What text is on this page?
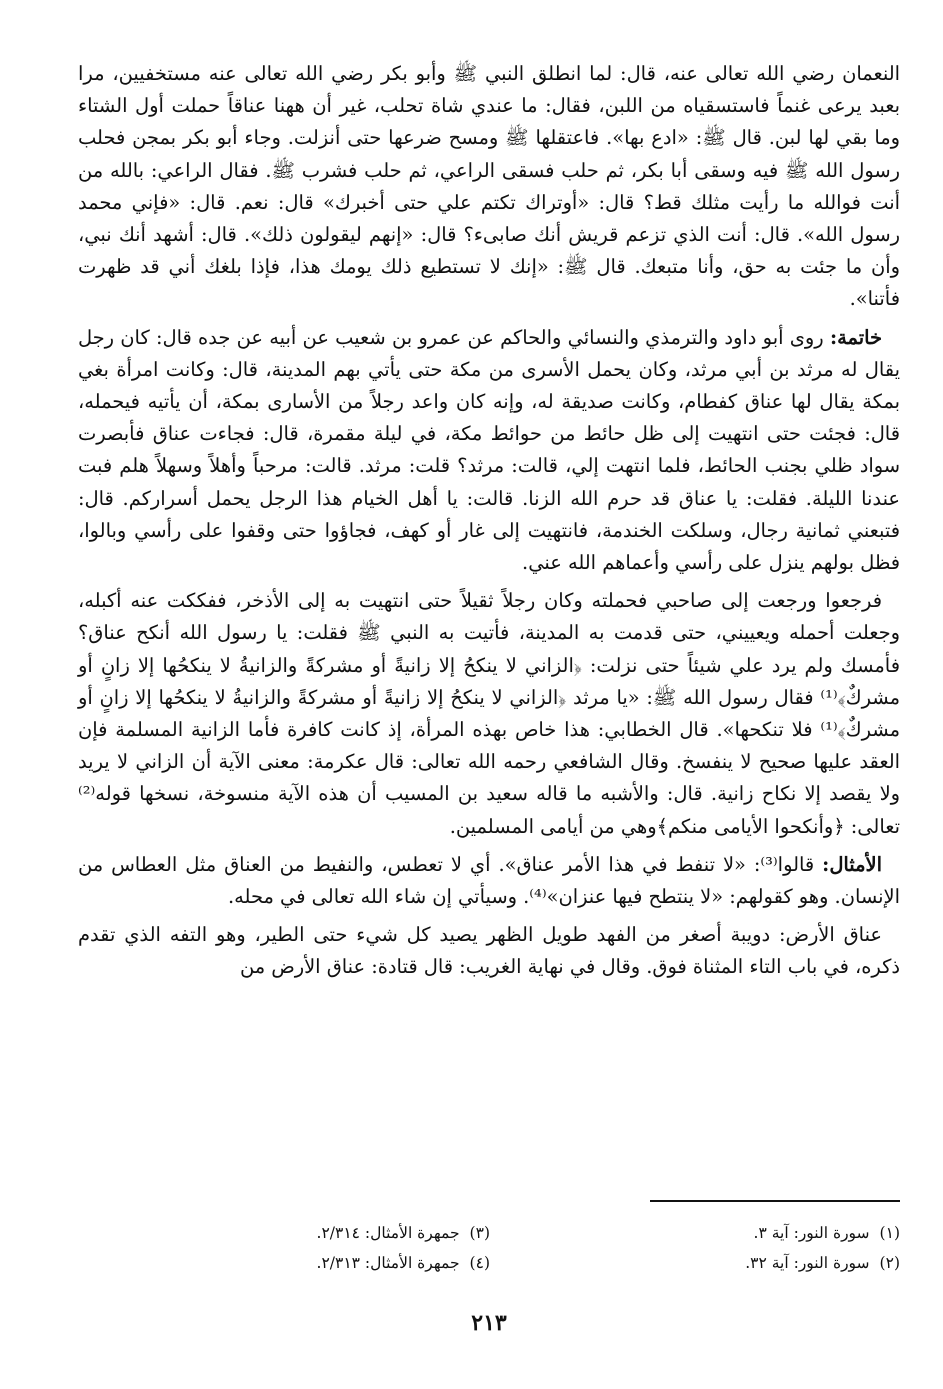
النعمان رضي الله تعالى عنه، قال: لما انطلق النبي ﷺ وأبو بكر رضي الله تعالى عنه مستخفيين، مرا بعبد يرعى غنماً فاستسقياه من اللبن، فقال: ما عندي شاة تحلب، غير أن ههنا عناقاً حملت أول الشتاء وما بقي لها لبن. قال ﷺ: «ادع بها». فاعتقلها ﷺ ومسح ضرعها حتى أنزلت. وجاء أبو بكر بمجن فحلب رسول الله ﷺ فيه وسقى أبا بكر، ثم حلب فسقى الراعي، ثم حلب فشرب ﷺ. فقال الراعي: بالله من أنت فوالله ما رأيت مثلك قط؟ قال: «أوتراك تكتم علي حتى أخبرك» قال: نعم. قال: «فإني محمد رسول الله». قال: أنت الذي تزعم قريش أنك صابىء؟ قال: «إنهم ليقولون ذلك». قال: أشهد أنك نبي، وأن ما جئت به حق، وأنا متبعك. قال ﷺ: «إنك لا تستطيع ذلك يومك هذا، فإذا بلغك أني قد ظهرت فأتنا».

خاتمة: روى أبو داود والترمذي والنسائي والحاكم عن عمرو بن شعيب عن أبيه عن جده قال: كان رجل يقال له مرثد بن أبي مرثد، وكان يحمل الأسرى من مكة حتى يأتي بهم المدينة، قال: وكانت امرأة بغي بمكة يقال لها عناق كفطام، وكانت صديقة له، وإنه كان واعد رجلاً من الأسارى بمكة، أن يأتيه فيحمله، قال: فجئت حتى انتهيت إلى ظل حائط من حوائط مكة، في ليلة مقمرة، قال: فجاءت عناق فأبصرت سواد ظلي بجنب الحائط، فلما انتهت إلي، قالت: مرثد؟ قلت: مرثد. قالت: مرحباً وأهلاً وسهلاً هلم فبت عندنا الليلة. فقلت: يا عناق قد حرم الله الزنا. قالت: يا أهل الخيام هذا الرجل يحمل أسراركم. قال: فتبعني ثمانية رجال، وسلكت الخندمة، فانتهيت إلى غار أو كهف، فجاؤوا حتى وقفوا على رأسي وبالوا، فظل بولهم ينزل على رأسي وأعماهم الله عني.

فرجعوا ورجعت إلى صاحبي فحملته وكان رجلاً ثقيلاً حتى انتهيت به إلى الأذخر، ففككت عنه أكبله، وجعلت أحمله ويعييني، حتى قدمت به المدينة، فأتيت به النبي ﷺ فقلت: يا رسول الله أنكح عناق؟ فأمسك ولم يرد علي شيئاً حتى نزلت: ﴿الزاني لا ينكحُ إلا زانيةً أو مشركةً والزانيةُ لا ينكحُها إلا زانٍ أو مشركٌ﴾⁽¹⁾ فقال رسول الله ﷺ: «يا مرثد ﴿الزاني لا ينكحُ إلا زانيةً أو مشركةً والزانيةُ لا ينكحُها إلا زانٍ أو مشركٌ﴾⁽¹⁾ فلا تنكحها». قال الخطابي: هذا خاص بهذه المرأة، إذ كانت كافرة فأما الزانية المسلمة فإن العقد عليها صحيح لا ينفسخ. وقال الشافعي رحمه الله تعالى: قال عكرمة: معنى الآية أن الزاني لا يريد ولا يقصد إلا نكاح زانية. قال: والأشبه ما قاله سعيد بن المسيب أن هذه الآية منسوخة، نسخها قوله⁽²⁾ تعالى: ﴿وأنكحوا الأيامى منكم﴾وهي من أيامى المسلمين.

الأمثال: قالوا⁽³⁾: «لا تنفط في هذا الأمر عناق». أي لا تعطس، والنفيط من العناق مثل العطاس من الإنسان. وهو كقولهم: «لا ينتطح فيها عنزان»⁽⁴⁾. وسيأتي إن شاء الله تعالى في محله.

عناق الأرض: دويبة أصغر من الفهد طويل الظهر يصيد كل شيء حتى الطير، وهو التفه الذي تقدم ذكره، في باب التاء المثناة فوق. وقال في نهاية الغريب: قال قتادة: عناق الأرض من

(١)سورة النور: آية ٣.
(٣)جمهرة الأمثال: ٢/٣١٤.
(٢)سورة النور: آية ٣٢.
(٤)جمهرة الأمثال: ٢/٣١٣.
٢١٣
